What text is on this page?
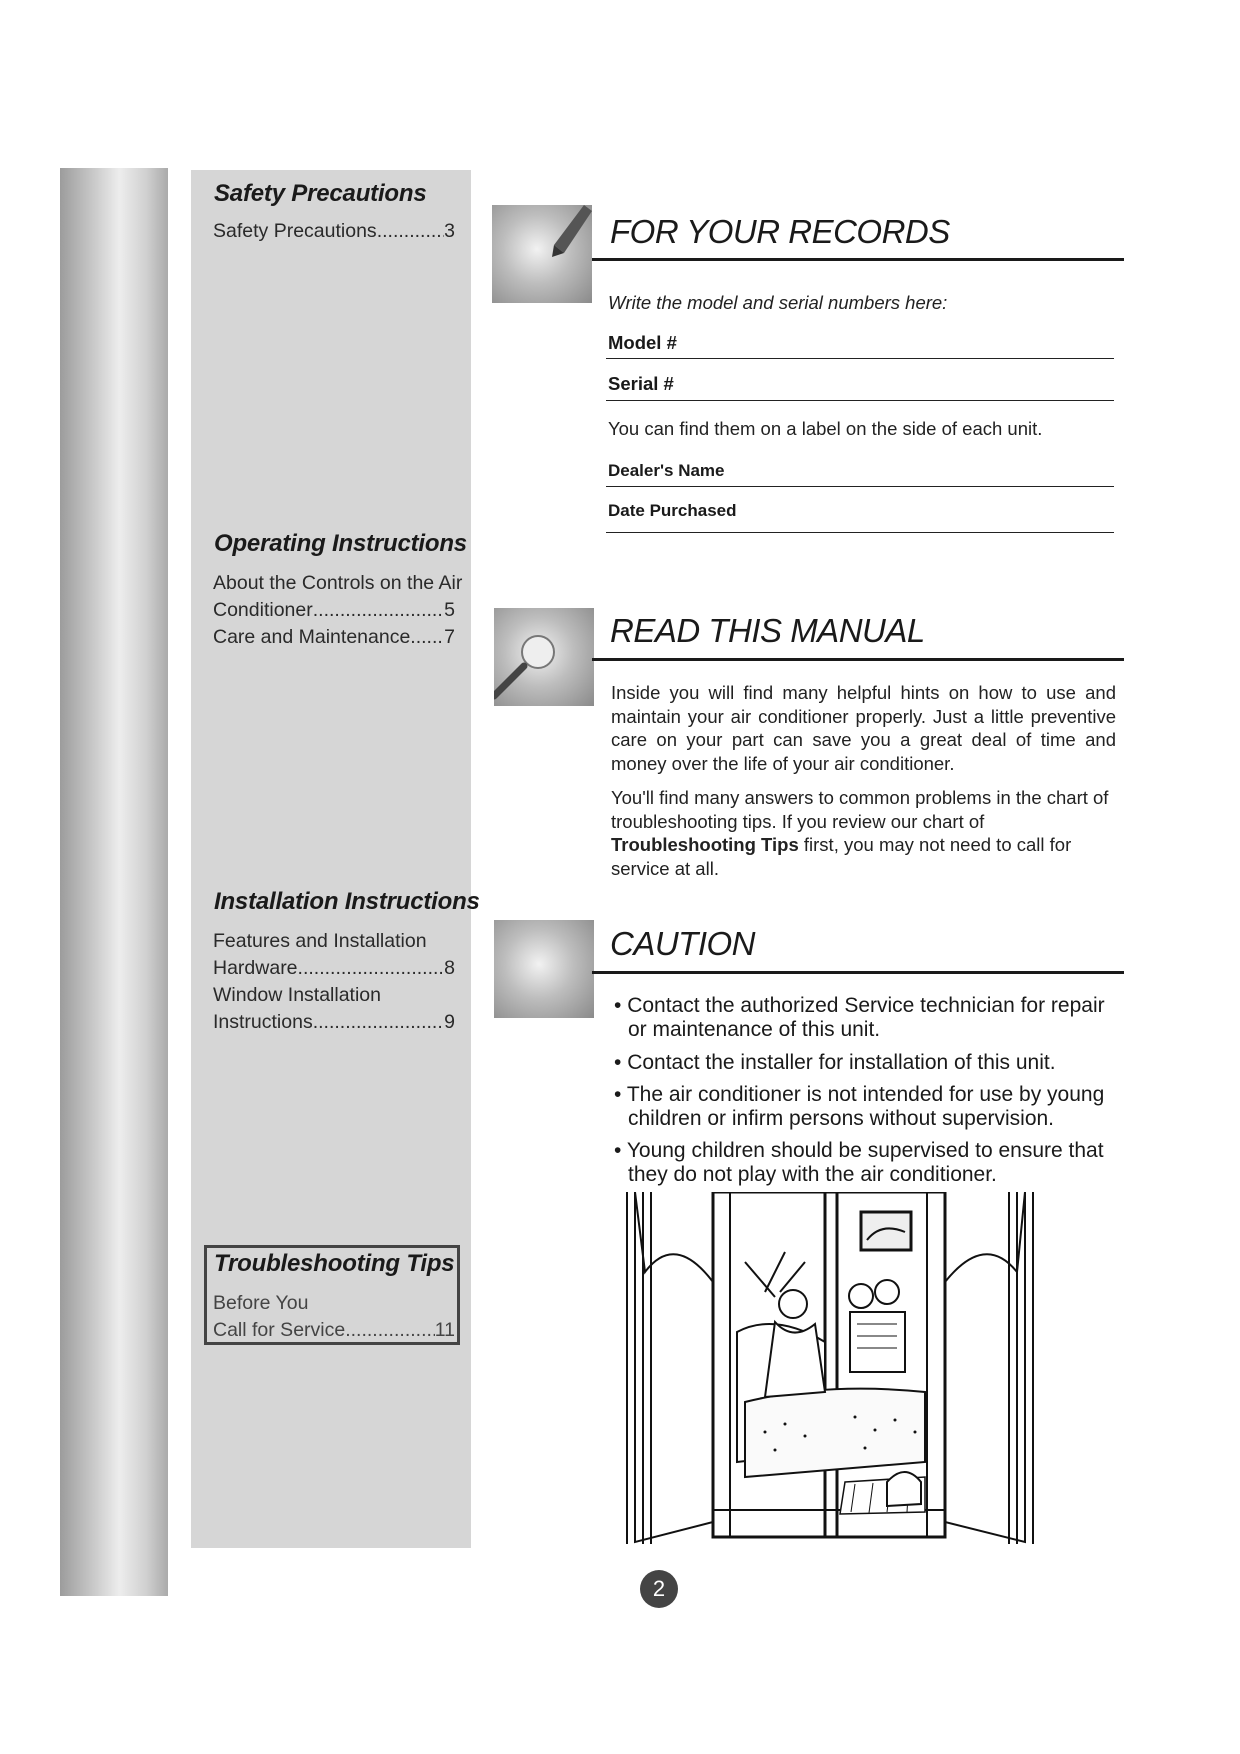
Safety Precautions
Safety Precautions .....	3
Operating Instructions
About the Controls on the Air
Conditioner .....	5
Care and Maintenance ..... 7
Installation Instructions
Features and Installation
Hardware .....	8
Window Installation
Instructions .....	9
Troubleshooting Tips
Before You
Call for Service .....	11
FOR YOUR RECORDS
Write the model and serial numbers here:
Model #
Serial #
You can find them on a label on the side of each unit.
Dealer's Name
Date Purchased
READ THIS MANUAL
Inside you will find many helpful hints on how to use and maintain your air conditioner properly. Just a little preventive care on your part can save you a great deal of time and money over the life of your air conditioner.
You'll find many answers to common problems in the chart of troubleshooting tips. If you review our chart of Troubleshooting Tips first, you may not need to call for service at all.
CAUTION
• Contact the authorized Service technician for repair or maintenance of this unit.
• Contact the installer for installation of this unit.
• The air conditioner is not intended for use by young children or infirm persons without supervision.
• Young children should be supervised to ensure that they do not play with the air conditioner.
2
